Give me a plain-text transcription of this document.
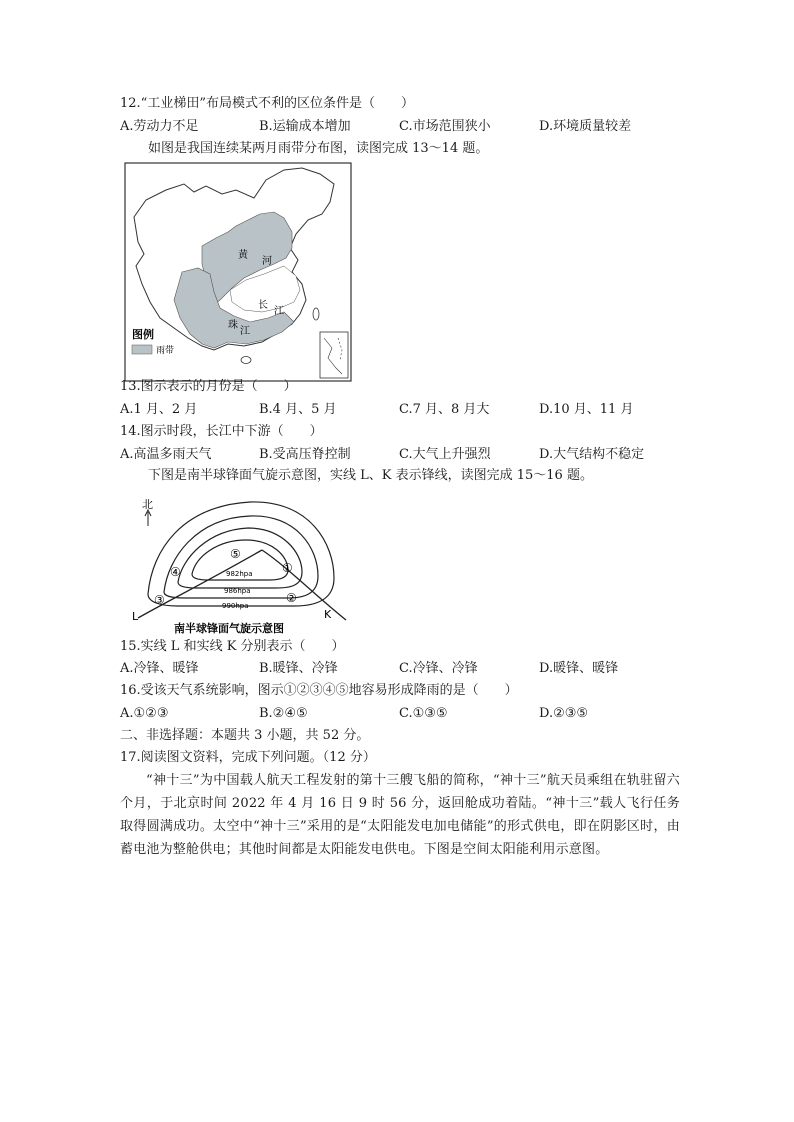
12.“工业梯田”布局模式不利的区位条件是（　　）
A.劳动力不足	B.运输成本增加	C.市场范围狭小	D.环境质量较差
如图是我国连续某两月雨带分布图，读图完成 13～14 题。
黄
河
长
江
珠
江
图例
雨带
13.图示表示的月份是（　　）
A.1 月、2 月	B.4 月、5 月	C.7 月、8 月大	D.10 月、11 月
14.图示时段，长江中下游（　　）
A.高温多雨天气	B.受高压脊控制	C.大气上升强烈	D.大气结构不稳定
下图是南半球锋面气旋示意图，实线 L、K 表示锋线，读图完成 15～16 题。
北
L	K
982hpa
986hpa
990hpa
①
②
③
④
⑤
南半球锋面气旋示意图
15.实线 L 和实线 K 分别表示（　　）
A.冷锋、暖锋	B.暖锋、冷锋	C.冷锋、冷锋	D.暖锋、暖锋
16.受该天气系统影响，图示①②③④⑤地容易形成降雨的是（　　）
A.①②③	B.②④⑤	C.①③⑤	D.②③⑤
二、非选择题：本题共 3 小题，共 52 分。
17.阅读图文资料，完成下列问题。（12 分）
“神十三”为中国载人航天工程发射的第十三艘飞船的简称，“神十三”航天员乘组在轨驻留六个月，于北京时间 2022 年 4 月 16 日 9 时 56 分，返回舱成功着陆。“神十三”载人飞行任务取得圆满成功。太空中“神十三”采用的是“太阳能发电加电储能”的形式供电，即在阴影区时，由蓄电池为整舱供电；其他时间都是太阳能发电供电。下图是空间太阳能利用示意图。
